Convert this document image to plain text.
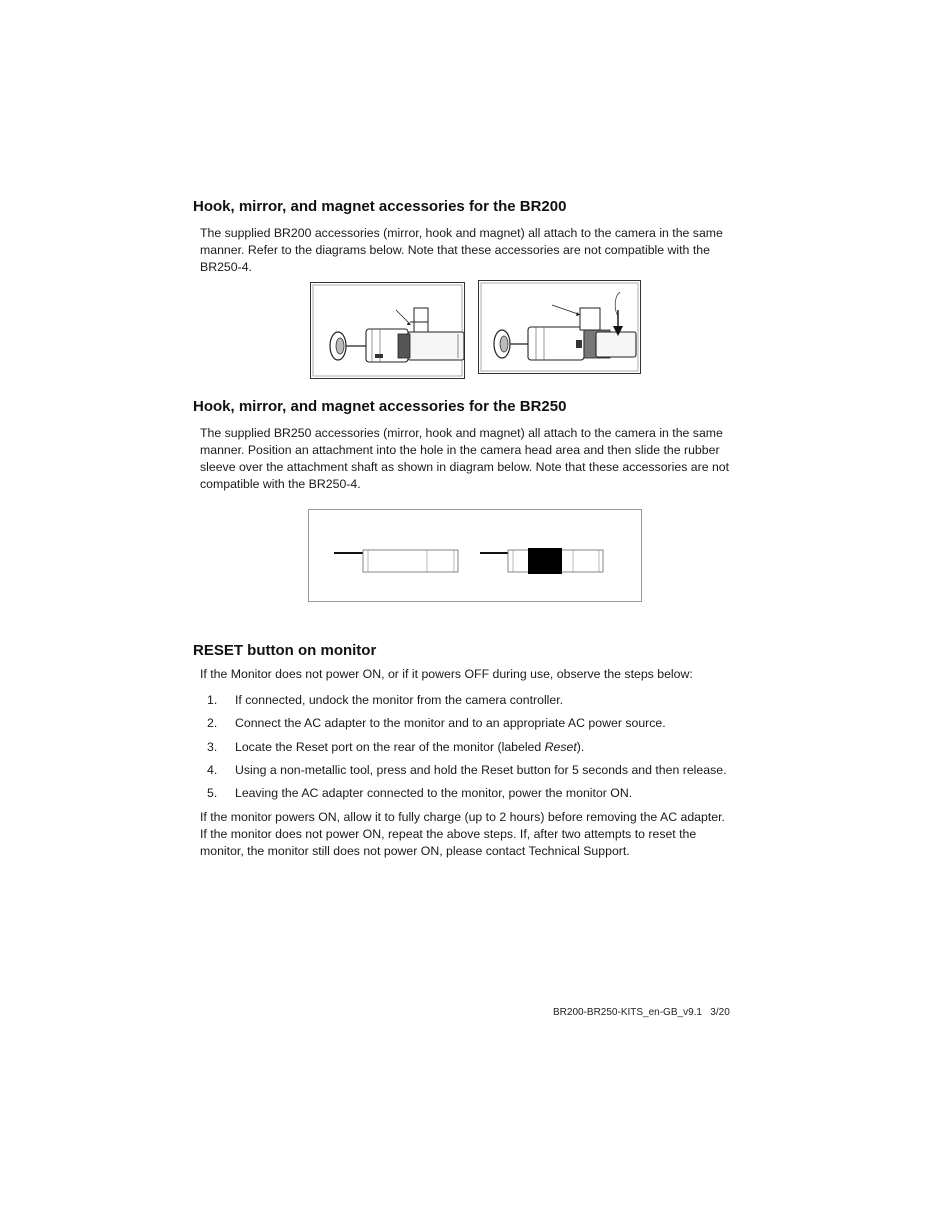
Hook, mirror, and magnet accessories for the BR200

The supplied BR200 accessories (mirror, hook and magnet) all attach to the camera in the same manner. Refer to the diagrams below. Note that these accessories are not compatible with the BR250-4.

Hook, mirror, and magnet accessories for the BR250

The supplied BR250 accessories (mirror, hook and magnet) all attach to the camera in the same manner. Position an attachment into the hole in the camera head area and then slide the rubber sleeve over the attachment shaft as shown in diagram below. Note that these accessories are not compatible with the BR250-4.

RESET button on monitor

If the Monitor does not power ON, or if it powers OFF during use, observe the steps below:

1.	If connected, undock the monitor from the camera controller.
2.	Connect the AC adapter to the monitor and to an appropriate AC power source.
3.	Locate the Reset port on the rear of the monitor (labeled Reset).
4.	Using a non-metallic tool, press and hold the Reset button for 5 seconds and then release.
5.	Leaving the AC adapter connected to the monitor, power the monitor ON.

If the monitor powers ON, allow it to fully charge (up to 2 hours) before removing the AC adapter. If the monitor does not power ON, repeat the above steps. If, after two attempts to reset the monitor, the monitor still does not power ON, please contact Technical Support.

BR200-BR250-KITS_en-GB_v9.1   3/20
